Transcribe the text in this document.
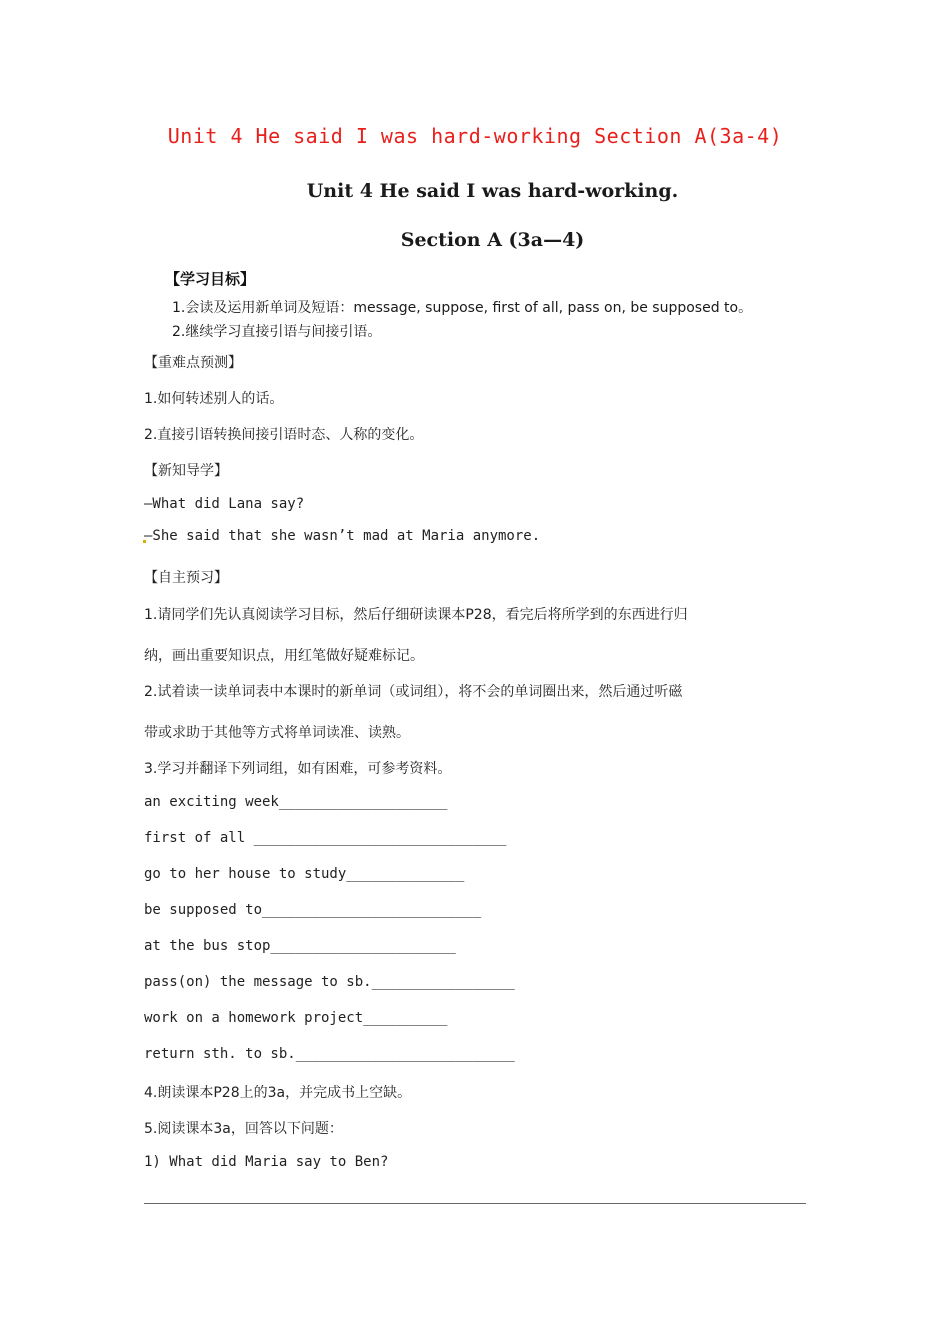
Unit 4 He said I was hard-working Section A(3a-4)
Unit 4 He said I was hard-working.
Section A (3a—4)
【学习目标】
1.会读及运用新单词及短语：message, suppose, first of all, pass on, be supposed to。
2.继续学习直接引语与间接引语。
【重难点预测】
1.如何转述别人的话。
2.直接引语转换间接引语时态、人称的变化。
【新知导学】
—What did Lana say?
—She said that she wasn’t mad at Maria anymore.
【自主预习】
1.请同学们先认真阅读学习目标，然后仔细研读课本P28，看完后将所学到的东西进行归
纳，画出重要知识点，用红笔做好疑难标记。
2.试着读一读单词表中本课时的新单词（或词组），将不会的单词圈出来，然后通过听磁
带或求助于其他等方式将单词读准、读熟。
3.学习并翻译下列词组，如有困难，可参考资料。
an exciting week____________________
first of all ______________________________
go to her house to study______________
be supposed to__________________________
at the bus stop______________________
pass(on) the message to sb._________________
work on a homework project__________
return sth. to sb.__________________________
4.朗读课本P28上的3a，并完成书上空缺。
5.阅读课本3a，回答以下问题：
1) What did Maria say to Ben?
